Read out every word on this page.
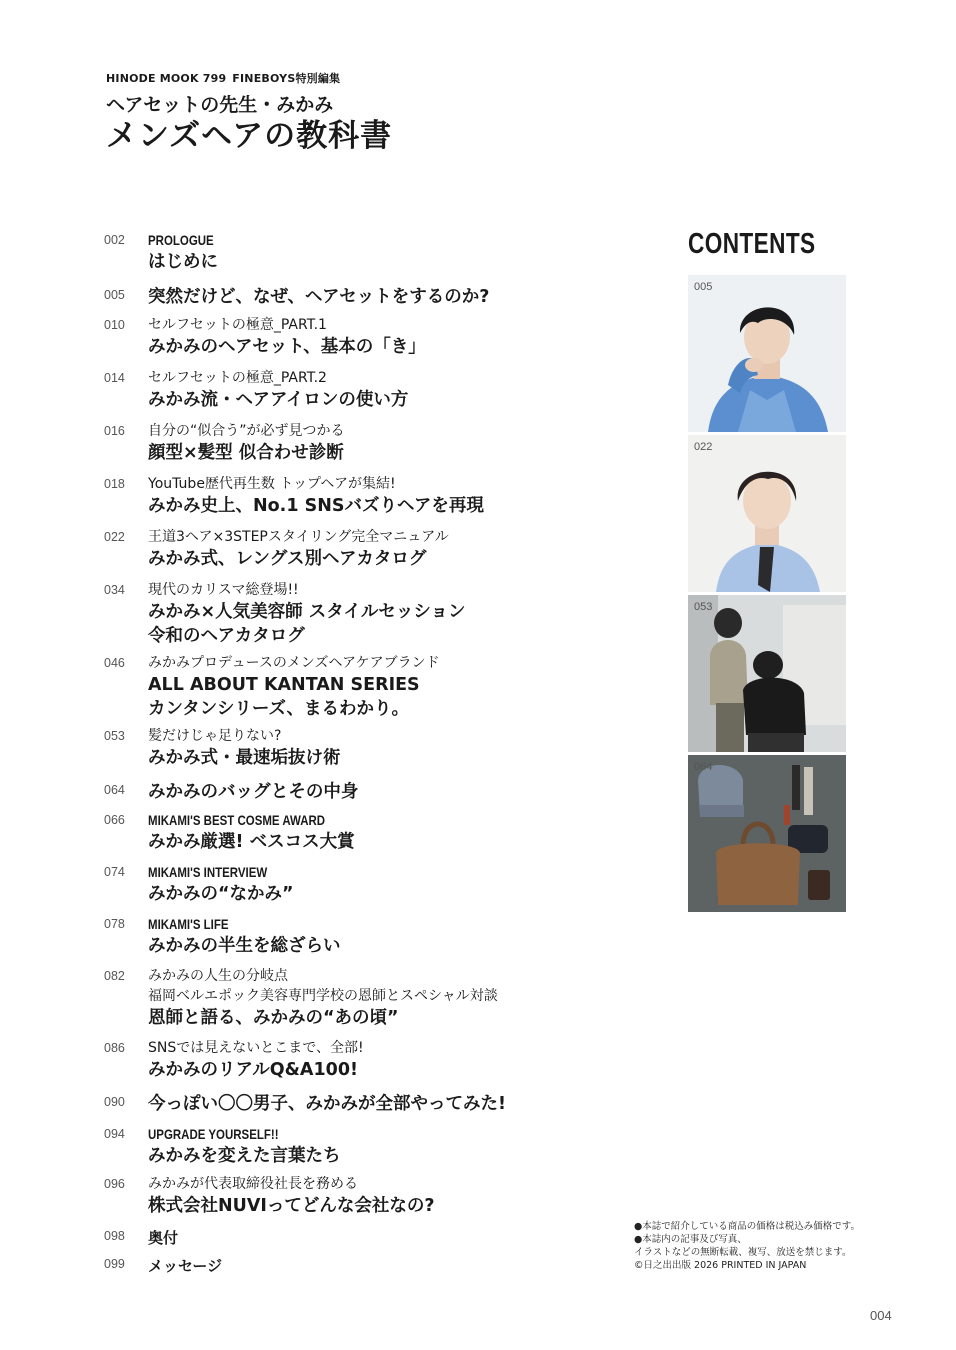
HINODE MOOK 799 FINEBOYS特別編集
ヘアセットの先生・みかみ
メンズヘアの教科書
002	PROLOGUE
はじめに
005	突然だけど、なぜ、ヘアセットをするのか?
010	セルフセットの極意_PART.1
みかみのヘアセット、基本の「き」
014	セルフセットの極意_PART.2
みかみ流・ヘアアイロンの使い方
016	自分の“似合う”が必ず見つかる
顔型×髪型 似合わせ診断
018	YouTube歴代再生数 トップヘアが集結!
みかみ史上、No.1 SNSバズりヘアを再現
022	王道3ヘア×3STEPスタイリング完全マニュアル
みかみ式、レングス別ヘアカタログ
034	現代のカリスマ総登場!!
みかみ×人気美容師 スタイルセッション
令和のヘアカタログ
046	みかみプロデュースのメンズヘアケアブランド
ALL ABOUT KANTAN SERIES
カンタンシリーズ、まるわかり。
053	髪だけじゃ足りない?
みかみ式・最速垢抜け術
064	みかみのバッグとその中身
066	MIKAMI'S BEST COSME AWARD
みかみ厳選! ベスコス大賞
074	MIKAMI'S INTERVIEW
みかみの“なかみ”
078	MIKAMI'S LIFE
みかみの半生を総ざらい
082	みかみの人生の分岐点
福岡ベルエポック美容専門学校の恩師とスペシャル対談
恩師と語る、みかみの“あの頃”
086	SNSでは見えないとこまで、全部!
みかみのリアルQ&A100!
090	今っぽい〇〇男子、みかみが全部やってみた!
094	UPGRADE YOURSELF!!
みかみを変えた言葉たち
096	みかみが代表取締役社長を務める
株式会社NUVIってどんな会社なの?
098	奥付
099	メッセージ
CONTENTS
005
022
053
064
●本誌で紹介している商品の価格は税込み価格です。
●本誌内の記事及び写真、
イラストなどの無断転載、複写、放送を禁じます。
©日之出出版 2026 PRINTED IN JAPAN
004
